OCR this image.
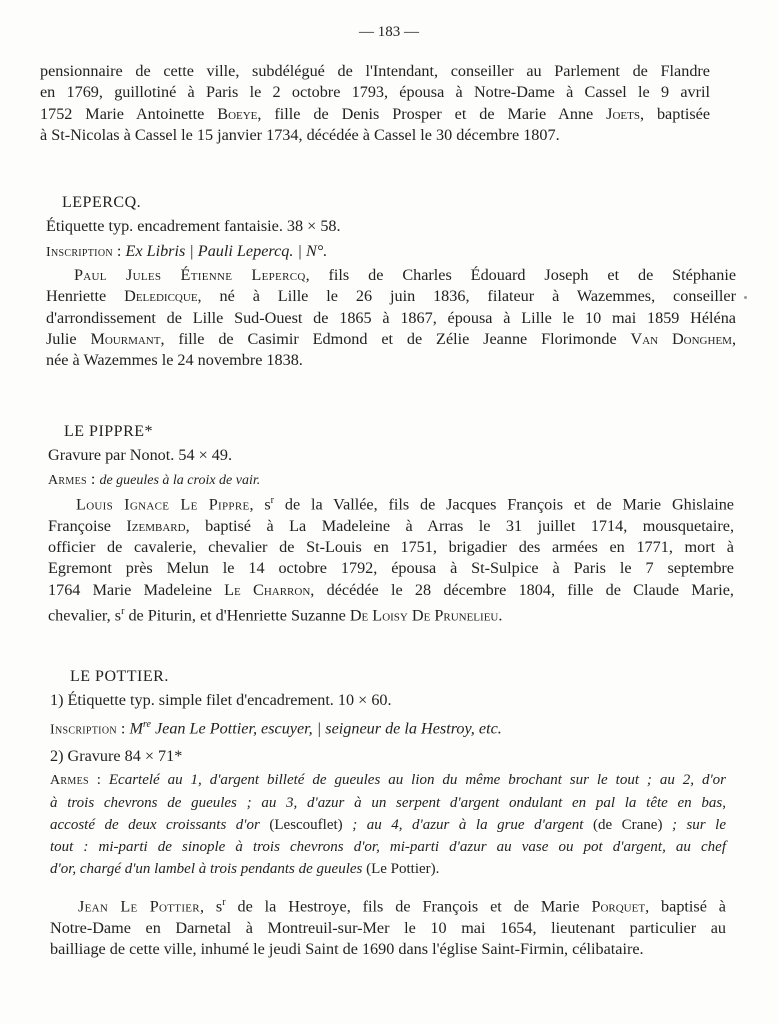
— 183 —
pensionnaire de cette ville, subdélégué de l'Intendant, conseiller au Parlement de Flandre
en 1769, guillotiné à Paris le 2 octobre 1793, épousa à Notre-Dame à Cassel le 9 avril
1752 Marie Antoinette Boeye, fille de Denis Prosper et de Marie Anne Joets, baptisée
à St-Nicolas à Cassel le 15 janvier 1734, décédée à Cassel le 30 décembre 1807.
LEPERCQ.
Étiquette typ. encadrement fantaisie. 38 × 58.
Inscription : Ex Libris | Pauli Lepercq. | N°.
Paul Jules Étienne Lepercq, fils de Charles Édouard Joseph et de Stéphanie
Henriette Deledicque, né à Lille le 26 juin 1836, filateur à Wazemmes, conseiller
d'arrondissement de Lille Sud-Ouest de 1865 à 1867, épousa à Lille le 10 mai 1859 Héléna
Julie Mourmant, fille de Casimir Edmond et de Zélie Jeanne Florimonde Van Donghem,
née à Wazemmes le 24 novembre 1838.
LE PIPPRE*
Gravure par Nonot. 54 × 49.
Armes : de gueules à la croix de vair.
Louis Ignace Le Pippre, $s^r$ de la Vallée, fils de Jacques François et de Marie Ghislaine
Françoise Izembard, baptisé à La Madeleine à Arras le 31 juillet 1714, mousquetaire,
officier de cavalerie, chevalier de St-Louis en 1751, brigadier des armées en 1771, mort à
Egremont près Melun le 14 octobre 1792, épousa à St-Sulpice à Paris le 7 septembre
1764 Marie Madeleine Le Charron, décédée le 28 décembre 1804, fille de Claude Marie,
chevalier, $s^r$ de Piturin, et d'Henriette Suzanne De Loisy De Prunelieu.
LE POTTIER.
1) Étiquette typ. simple filet d'encadrement. 10 × 60.
Inscription : Mre Jean Le Pottier, escuyer, | seigneur de la Hestroy, etc.
2) Gravure 84 × 71*
Armes : Ecartelé au 1, d'argent billeté de gueules au lion du même brochant sur le tout ; au 2, d'or
à trois chevrons de gueules ; au 3, d'azur à un serpent d'argent ondulant en pal la tête en bas,
accosté de deux croissants d'or (Lescouflet) ; au 4, d'azur à la grue d'argent (de Crane) ; sur le
tout : mi-parti de sinople à trois chevrons d'or, mi-parti d'azur au vase ou pot d'argent, au chef
d'or, chargé d'un lambel à trois pendants de gueules (Le Pottier).
Jean Le Pottier, $s^r$ de la Hestroye, fils de François et de Marie Porquet, baptisé à
Notre-Dame en Darnetal à Montreuil-sur-Mer le 10 mai 1654, lieutenant particulier au
bailliage de cette ville, inhumé le jeudi Saint de 1690 dans l'église Saint-Firmin, célibataire.
